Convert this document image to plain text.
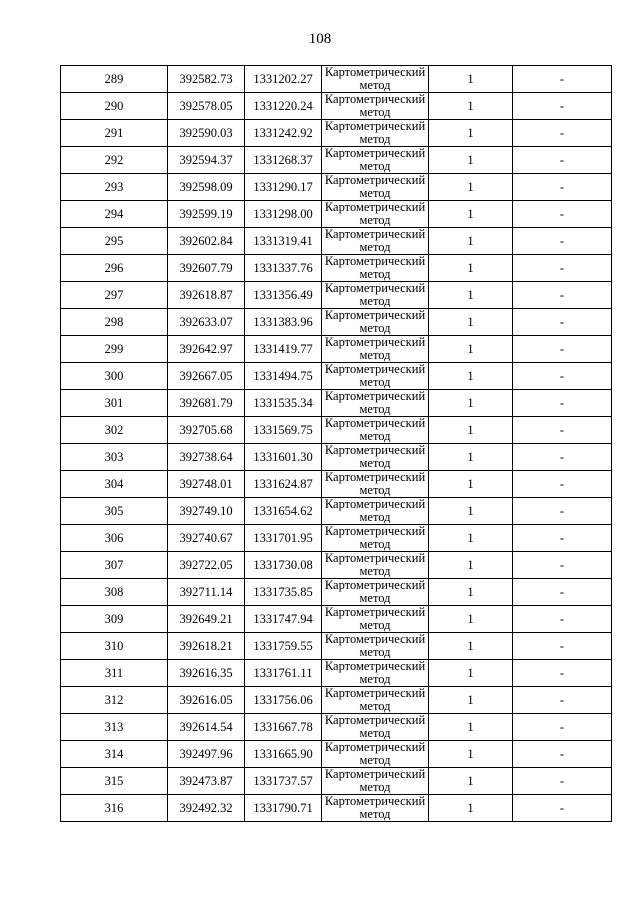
108
289	392582.73	1331202.27	Картометрический
метод	1	-
290	392578.05	1331220.24	Картометрический
метод	1	-
291	392590.03	1331242.92	Картометрический
метод	1	-
292	392594.37	1331268.37	Картометрический
метод	1	-
293	392598.09	1331290.17	Картометрический
метод	1	-
294	392599.19	1331298.00	Картометрический
метод	1	-
295	392602.84	1331319.41	Картометрический
метод	1	-
296	392607.79	1331337.76	Картометрический
метод	1	-
297	392618.87	1331356.49	Картометрический
метод	1	-
298	392633.07	1331383.96	Картометрический
метод	1	-
299	392642.97	1331419.77	Картометрический
метод	1	-
300	392667.05	1331494.75	Картометрический
метод	1	-
301	392681.79	1331535.34	Картометрический
метод	1	-
302	392705.68	1331569.75	Картометрический
метод	1	-
303	392738.64	1331601.30	Картометрический
метод	1	-
304	392748.01	1331624.87	Картометрический
метод	1	-
305	392749.10	1331654.62	Картометрический
метод	1	-
306	392740.67	1331701.95	Картометрический
метод	1	-
307	392722.05	1331730.08	Картометрический
метод	1	-
308	392711.14	1331735.85	Картометрический
метод	1	-
309	392649.21	1331747.94	Картометрический
метод	1	-
310	392618.21	1331759.55	Картометрический
метод	1	-
311	392616.35	1331761.11	Картометрический
метод	1	-
312	392616.05	1331756.06	Картометрический
метод	1	-
313	392614.54	1331667.78	Картометрический
метод	1	-
314	392497.96	1331665.90	Картометрический
метод	1	-
315	392473.87	1331737.57	Картометрический
метод	1	-
316	392492.32	1331790.71	Картометрический
метод	1	-
